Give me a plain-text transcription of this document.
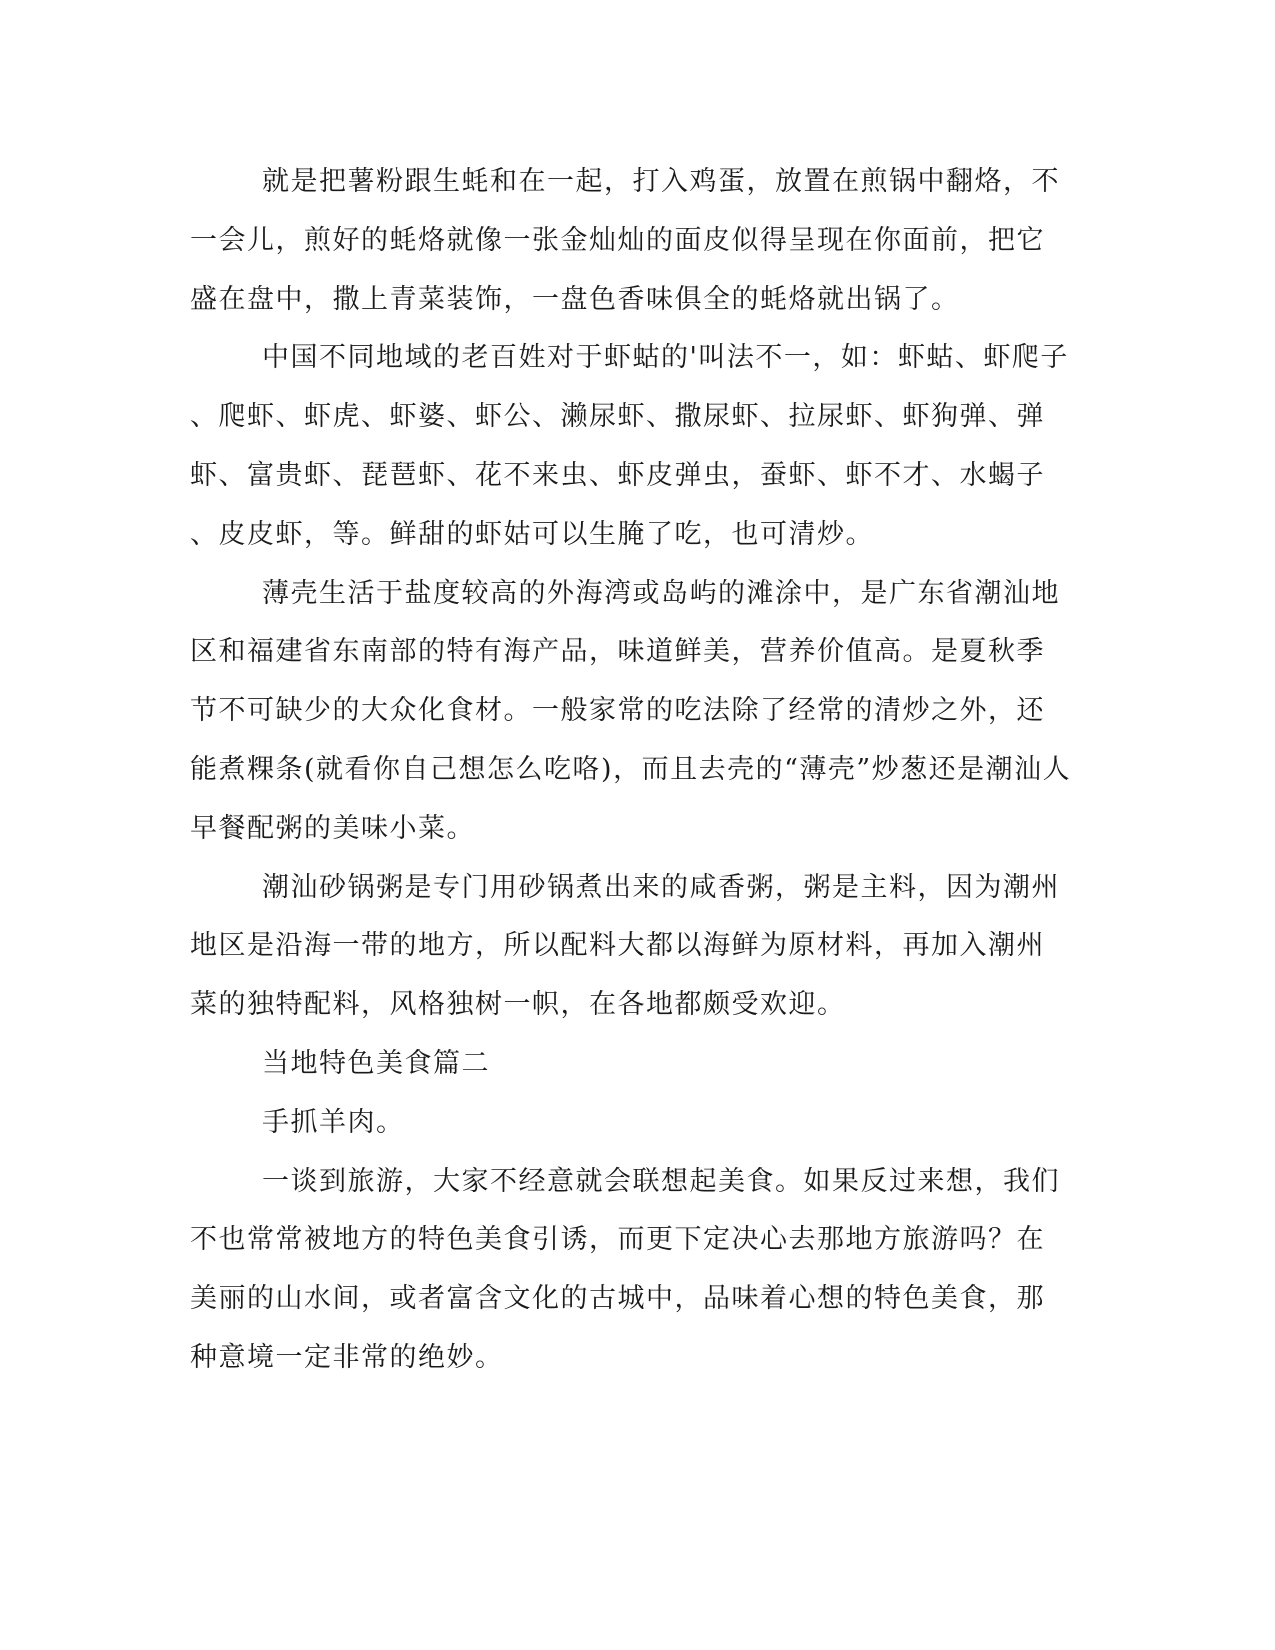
就是把薯粉跟生蚝和在一起，打入鸡蛋，放置在煎锅中翻烙，不
一会儿，煎好的蚝烙就像一张金灿灿的面皮似得呈现在你面前，把它
盛在盘中，撒上青菜装饰，一盘色香味俱全的蚝烙就出锅了。
中国不同地域的老百姓对于虾蛄的'叫法不一，如：虾蛄、虾爬子
、爬虾、虾虎、虾婆、虾公、濑尿虾、撒尿虾、拉尿虾、虾狗弹、弹
虾、富贵虾、琵琶虾、花不来虫、虾皮弹虫，蚕虾、虾不才、水蝎子
、皮皮虾，等。鲜甜的虾姑可以生腌了吃，也可清炒。
薄壳生活于盐度较高的外海湾或岛屿的滩涂中，是广东省潮汕地
区和福建省东南部的特有海产品，味道鲜美，营养价值高。是夏秋季
节不可缺少的大众化食材。一般家常的吃法除了经常的清炒之外，还
能煮粿条(就看你自己想怎么吃咯)，而且去壳的“薄壳”炒葱还是潮汕人
早餐配粥的美味小菜。
潮汕砂锅粥是专门用砂锅煮出来的咸香粥，粥是主料，因为潮州
地区是沿海一带的地方，所以配料大都以海鲜为原材料，再加入潮州
菜的独特配料，风格独树一帜，在各地都颇受欢迎。
当地特色美食篇二
手抓羊肉。
一谈到旅游，大家不经意就会联想起美食。如果反过来想，我们
不也常常被地方的特色美食引诱，而更下定决心去那地方旅游吗？在
美丽的山水间，或者富含文化的古城中，品味着心想的特色美食，那
种意境一定非常的绝妙。
